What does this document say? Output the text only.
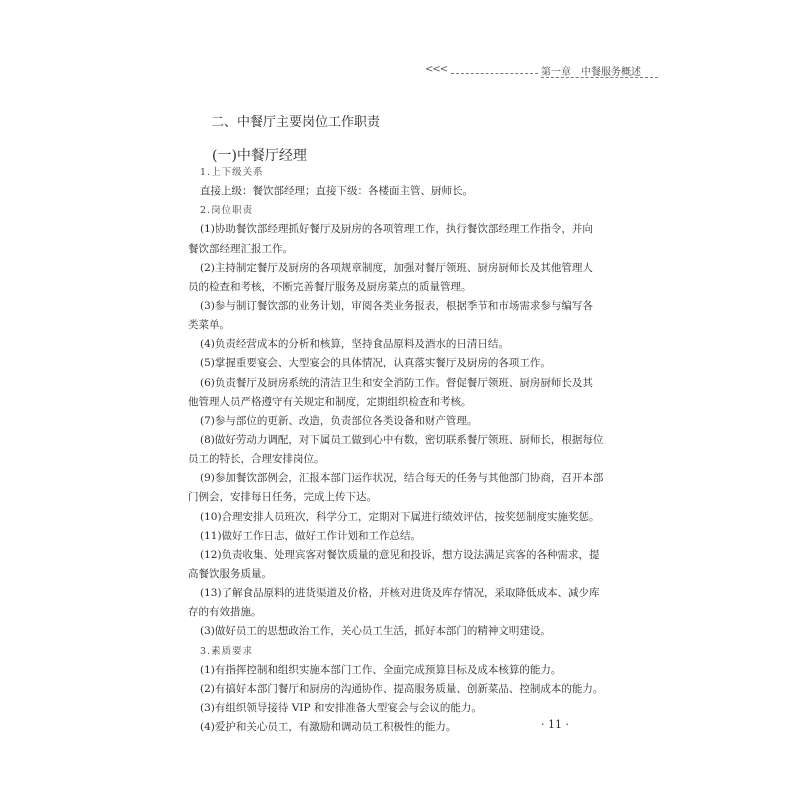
<<<	第一章　中餐服务概述
二、中餐厅主要岗位工作职责
(一)中餐厅经理
1.上下级关系
直接上级：餐饮部经理；直接下级：各楼面主管、厨师长。
2.岗位职责
(1)协助餐饮部经理抓好餐厅及厨房的各项管理工作，执行餐饮部经理工作指令，并向
餐饮部经理汇报工作。
(2)主持制定餐厅及厨房的各项规章制度，加强对餐厅领班、厨房厨师长及其他管理人
员的检查和考核，不断完善餐厅服务及厨房菜点的质量管理。
(3)参与制订餐饮部的业务计划，审阅各类业务报表，根据季节和市场需求参与编写各
类菜单。
(4)负责经营成本的分析和核算，坚持食品原料及酒水的日清日结。
(5)掌握重要宴会、大型宴会的具体情况，认真落实餐厅及厨房的各项工作。
(6)负责餐厅及厨房系统的清洁卫生和安全消防工作。督促餐厅领班、厨房厨师长及其
他管理人员严格遵守有关规定和制度，定期组织检查和考核。
(7)参与部位的更新、改造，负责部位各类设备和财产管理。
(8)做好劳动力调配，对下属员工做到心中有数，密切联系餐厅领班、厨师长，根据每位
员工的特长，合理安排岗位。
(9)参加餐饮部例会，汇报本部门运作状况，结合每天的任务与其他部门协商，召开本部
门例会，安排每日任务，完成上传下达。
(10)合理安排人员班次，科学分工，定期对下属进行绩效评估，按奖惩制度实施奖惩。
(11)做好工作日志，做好工作计划和工作总结。
(12)负责收集、处理宾客对餐饮质量的意见和投诉，想方设法满足宾客的各种需求，提
高餐饮服务质量。
(13)了解食品原料的进货渠道及价格，并核对进货及库存情况，采取降低成本、减少库
存的有效措施。
(3)做好员工的思想政治工作，关心员工生活，抓好本部门的精神文明建设。
3.素质要求
(1)有指挥控制和组织实施本部门工作、全面完成预算目标及成本核算的能力。
(2)有搞好本部门餐厅和厨房的沟通协作、提高服务质量、创新菜品、控制成本的能力。
(3)有组织领导接待 VIP 和安排准备大型宴会与会议的能力。
(4)爱护和关心员工，有激励和调动员工积极性的能力。	· 11 ·
